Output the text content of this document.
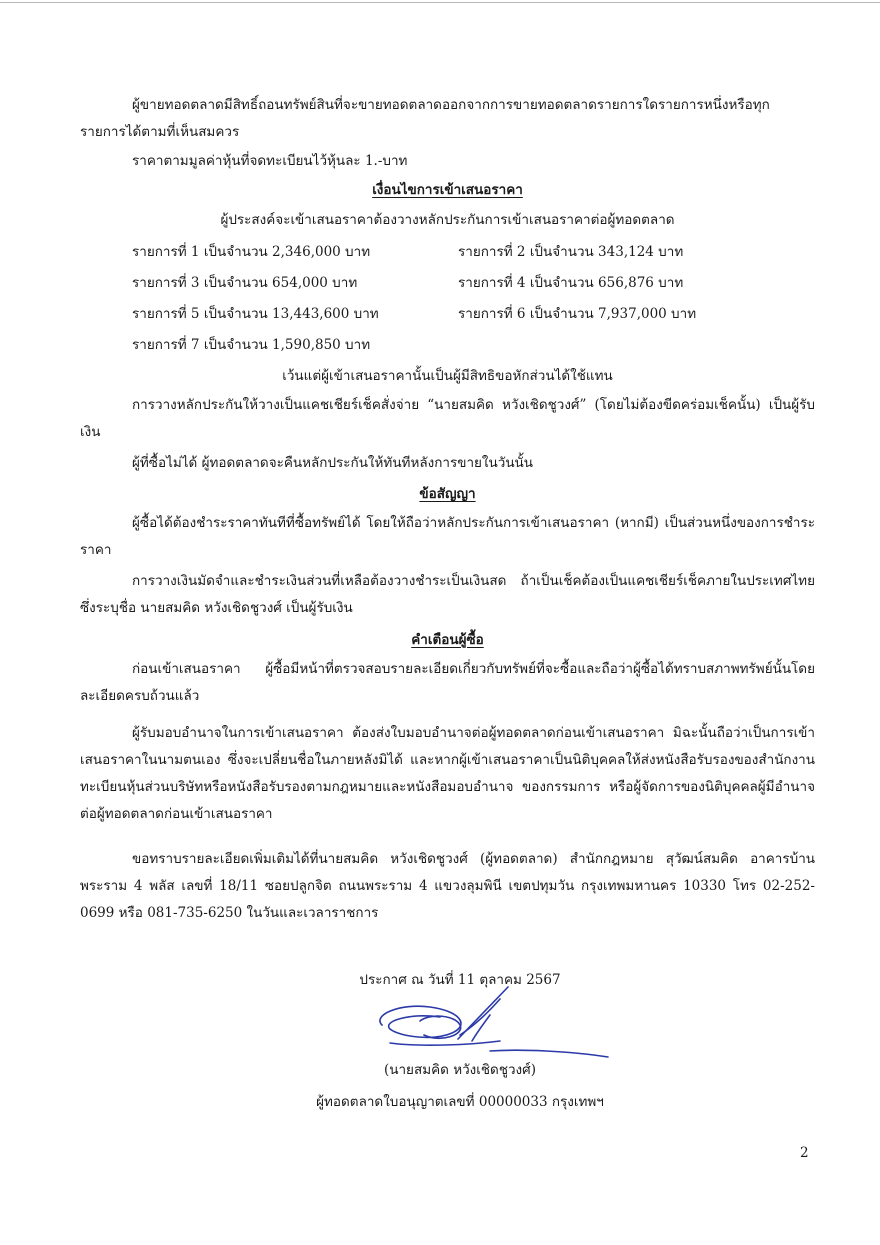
ผู้ขายทอดตลาดมีสิทธิ์ถอนทรัพย์สินที่จะขายทอดตลาดออกจากการขายทอดตลาดรายการใดรายการหนึ่งหรือทุกรายการได้ตามที่เห็นสมควร
ราคาตามมูลค่าหุ้นที่จดทะเบียนไว้หุ้นละ 1.-บาท
เงื่อนไขการเข้าเสนอราคา
ผู้ประสงค์จะเข้าเสนอราคาต้องวางหลักประกันการเข้าเสนอราคาต่อผู้ทอดตลาด
รายการที่ 1 เป็นจำนวน 2,346,000 บาท	รายการที่ 2 เป็นจำนวน 343,124 บาท
รายการที่ 3 เป็นจำนวน 654,000 บาท	รายการที่ 4 เป็นจำนวน 656,876 บาท
รายการที่ 5 เป็นจำนวน 13,443,600 บาท	รายการที่ 6 เป็นจำนวน 7,937,000 บาท
รายการที่ 7 เป็นจำนวน 1,590,850 บาท
เว้นแต่ผู้เข้าเสนอราคานั้นเป็นผู้มีสิทธิขอหักส่วนได้ใช้แทน
การวางหลักประกันให้วางเป็นแคชเชียร์เช็คสั่งจ่าย “นายสมคิด หวังเชิดชูวงศ์” (โดยไม่ต้องขีดคร่อมเช็คนั้น) เป็นผู้รับเงิน
ผู้ที่ซื้อไม่ได้ ผู้ทอดตลาดจะคืนหลักประกันให้ทันทีหลังการขายในวันนั้น
ข้อสัญญา
ผู้ซื้อได้ต้องชำระราคาทันทีที่ซื้อทรัพย์ได้ โดยให้ถือว่าหลักประกันการเข้าเสนอราคา (หากมี) เป็นส่วนหนึ่งของการชำระราคา
การวางเงินมัดจำและชำระเงินส่วนที่เหลือต้องวางชำระเป็นเงินสด ถ้าเป็นเช็คต้องเป็นแคชเชียร์เช็คภายในประเทศไทย ซึ่งระบุชื่อ นายสมคิด หวังเชิดชูวงศ์ เป็นผู้รับเงิน
คำเตือนผู้ซื้อ
ก่อนเข้าเสนอราคา ผู้ซื้อมีหน้าที่ตรวจสอบรายละเอียดเกี่ยวกับทรัพย์ที่จะซื้อและถือว่าผู้ซื้อได้ทราบสภาพทรัพย์นั้นโดยละเอียดครบถ้วนแล้ว
ผู้รับมอบอำนาจในการเข้าเสนอราคา ต้องส่งใบมอบอำนาจต่อผู้ทอดตลาดก่อนเข้าเสนอราคา มิฉะนั้นถือว่าเป็นการเข้าเสนอราคาในนามตนเอง ซึ่งจะเปลี่ยนชื่อในภายหลังมิได้ และหากผู้เข้าเสนอราคาเป็นนิติบุคคลให้ส่งหนังสือรับรองของสำนักงานทะเบียนหุ้นส่วนบริษัทหรือหนังสือรับรองตามกฎหมายและหนังสือมอบอำนาจ ของกรรมการ หรือผู้จัดการของนิติบุคคลผู้มีอำนาจต่อผู้ทอดตลาดก่อนเข้าเสนอราคา
ขอทราบรายละเอียดเพิ่มเติมได้ที่นายสมคิด หวังเชิดชูวงศ์ (ผู้ทอดตลาด) สำนักกฎหมาย สุวัฒน์สมคิด อาคารบ้านพระราม 4 พลัส เลขที่ 18/11 ซอยปลูกจิต ถนนพระราม 4 แขวงลุมพินี เขตปทุมวัน กรุงเทพมหานคร 10330 โทร 02-252-0699 หรือ 081-735-6250 ในวันและเวลาราชการ
ประกาศ ณ วันที่ 11 ตุลาคม 2567
(นายสมคิด หวังเชิดชูวงศ์)
ผู้ทอดตลาดใบอนุญาตเลขที่ 00000033 กรุงเทพฯ
2
